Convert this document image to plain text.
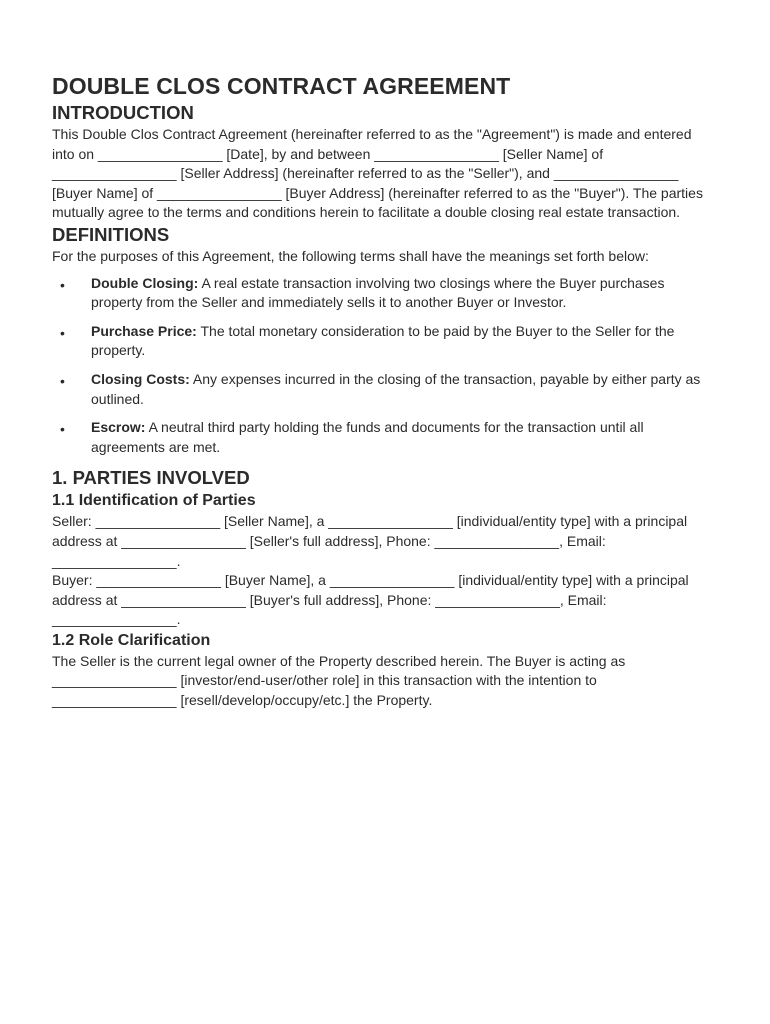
DOUBLE CLOS CONTRACT AGREEMENT
INTRODUCTION

This Double Clos Contract Agreement (hereinafter referred to as the "Agreement") is made and entered into on ________________ [Date], by and between ________________ [Seller Name] of ________________ [Seller Address] (hereinafter referred to as the "Seller"), and ________________ [Buyer Name] of ________________ [Buyer Address] (hereinafter referred to as the "Buyer"). The parties mutually agree to the terms and conditions herein to facilitate a double closing real estate transaction.

DEFINITIONS

For the purposes of this Agreement, the following terms shall have the meanings set forth below:

• Double Closing: A real estate transaction involving two closings where the Buyer purchases property from the Seller and immediately sells it to another Buyer or Investor.
• Purchase Price: The total monetary consideration to be paid by the Buyer to the Seller for the property.
• Closing Costs: Any expenses incurred in the closing of the transaction, payable by either party as outlined.
• Escrow: A neutral third party holding the funds and documents for the transaction until all agreements are met.
1. PARTIES INVOLVED
1.1 Identification of Parties

Seller: ________________ [Seller Name], a ________________ [individual/entity type] with a principal address at ________________ [Seller's full address], Phone: ________________, Email: ________________.

Buyer: ________________ [Buyer Name], a ________________ [individual/entity type] with a principal address at ________________ [Buyer's full address], Phone: ________________, Email: ________________.

1.2 Role Clarification

The Seller is the current legal owner of the Property described herein. The Buyer is acting as ________________ [investor/end-user/other role] in this transaction with the intention to ________________ [resell/develop/occupy/etc.] the Property.
